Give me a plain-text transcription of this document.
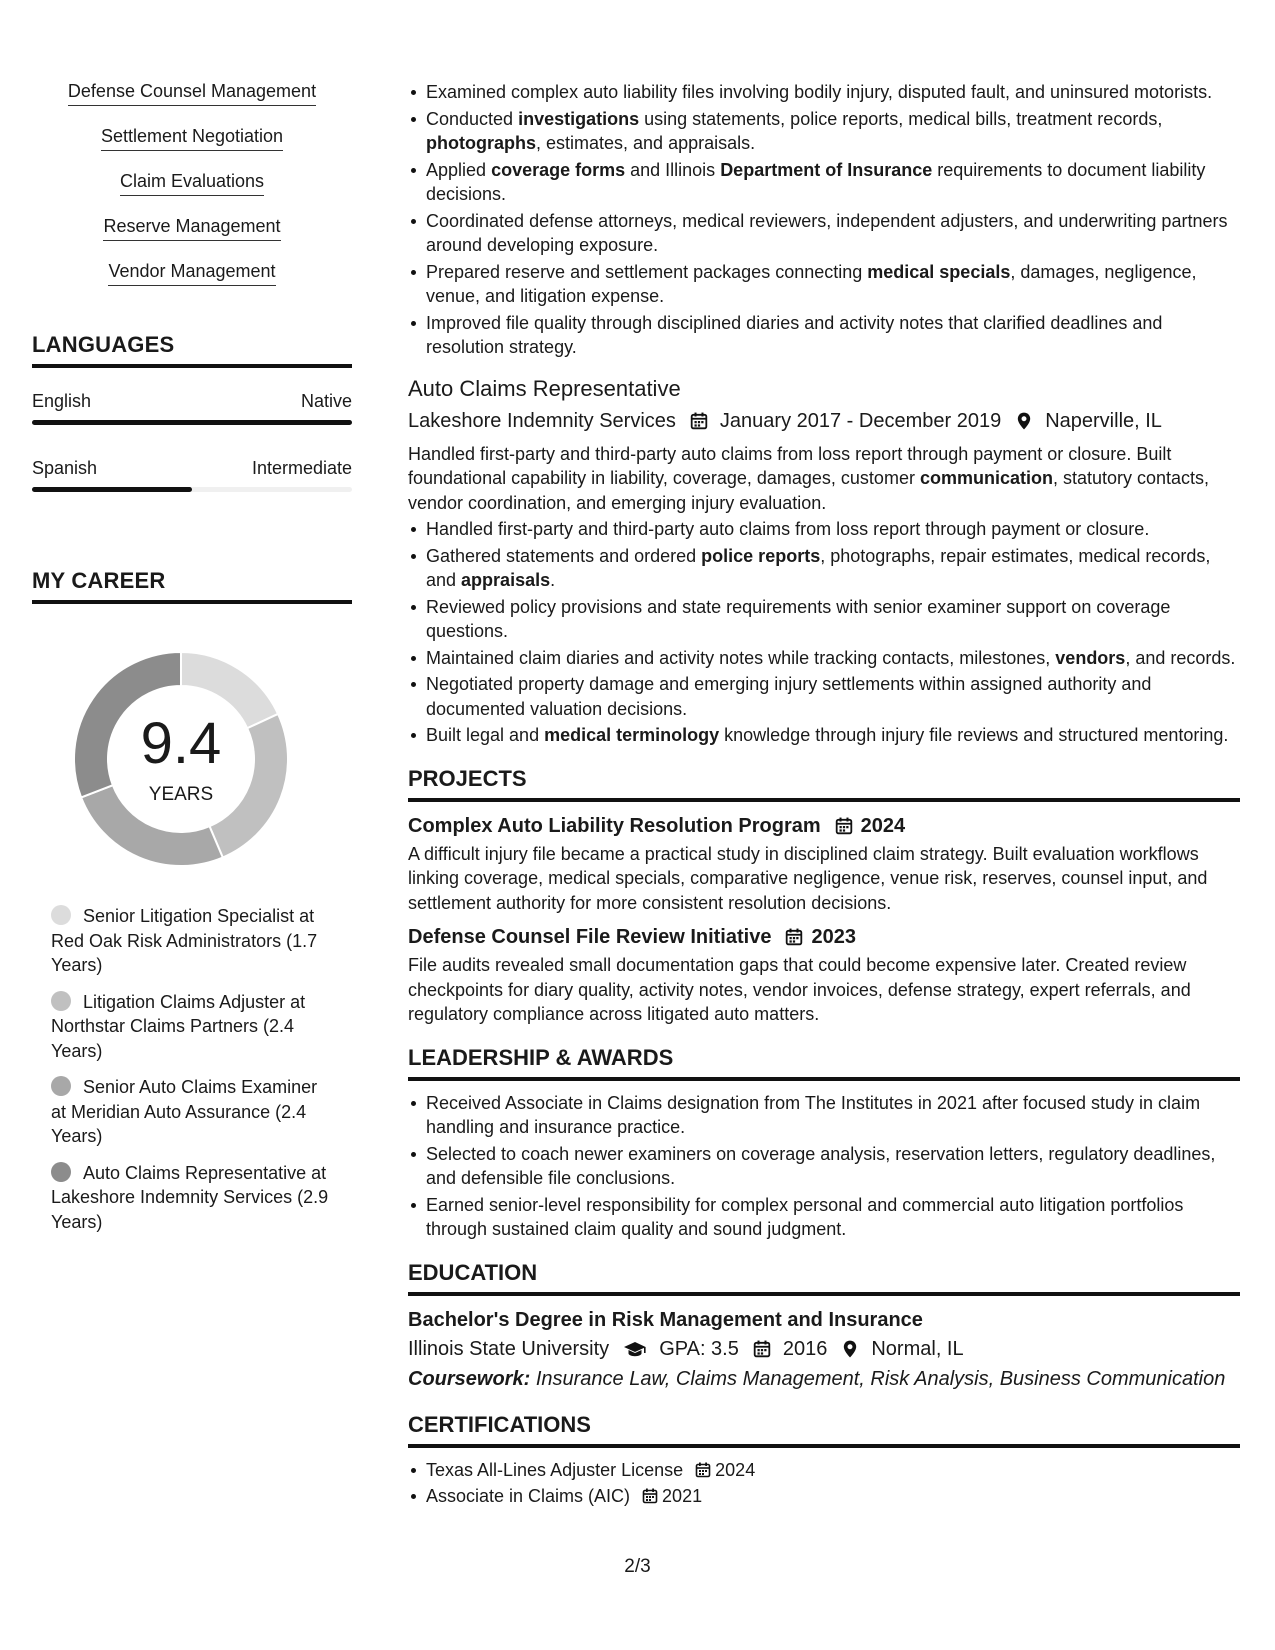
Defense Counsel Management
Settlement Negotiation
Claim Evaluations
Reserve Management
Vendor Management
LANGUAGES
English	Native
Spanish	Intermediate
MY CAREER
9.4
YEARS
Senior Litigation Specialist at Red Oak Risk Administrators (1.7 Years)
Litigation Claims Adjuster at Northstar Claims Partners (2.4 Years)
Senior Auto Claims Examiner at Meridian Auto Assurance (2.4 Years)
Auto Claims Representative at Lakeshore Indemnity Services (2.9 Years)
Examined complex auto liability files involving bodily injury, disputed fault, and uninsured motorists.
Conducted investigations using statements, police reports, medical bills, treatment records, photographs, estimates, and appraisals.
Applied coverage forms and Illinois Department of Insurance requirements to document liability decisions.
Coordinated defense attorneys, medical reviewers, independent adjusters, and underwriting partners around developing exposure.
Prepared reserve and settlement packages connecting medical specials, damages, negligence, venue, and litigation expense.
Improved file quality through disciplined diaries and activity notes that clarified deadlines and resolution strategy.
Auto Claims Representative
Lakeshore Indemnity Services January 2017 - December 2019 Naperville, IL

Handled first-party and third-party auto claims from loss report through payment or closure. Built foundational capability in liability, coverage, damages, customer communication, statutory contacts, vendor coordination, and emerging injury evaluation.

Handled first-party and third-party auto claims from loss report through payment or closure.
Gathered statements and ordered police reports, photographs, repair estimates, medical records, and appraisals.
Reviewed policy provisions and state requirements with senior examiner support on coverage questions.
Maintained claim diaries and activity notes while tracking contacts, milestones, vendors, and records.
Negotiated property damage and emerging injury settlements within assigned authority and documented valuation decisions.
Built legal and medical terminology knowledge through injury file reviews and structured mentoring.
PROJECTS
Complex Auto Liability Resolution Program 2024

A difficult injury file became a practical study in disciplined claim strategy. Built evaluation workflows linking coverage, medical specials, comparative negligence, venue risk, reserves, counsel input, and settlement authority for more consistent resolution decisions.

Defense Counsel File Review Initiative 2023

File audits revealed small documentation gaps that could become expensive later. Created review checkpoints for diary quality, activity notes, vendor invoices, defense strategy, expert referrals, and regulatory compliance across litigated auto matters.

LEADERSHIP & AWARDS
Received Associate in Claims designation from The Institutes in 2021 after focused study in claim handling and insurance practice.
Selected to coach newer examiners on coverage analysis, reservation letters, regulatory deadlines, and defensible file conclusions.
Earned senior-level responsibility for complex personal and commercial auto litigation portfolios through sustained claim quality and sound judgment.
EDUCATION
Bachelor's Degree in Risk Management and Insurance
Illinois State University	GPA: 3.5 2016 Normal, IL
Coursework: Insurance Law, Claims Management, Risk Analysis, Business Communication
CERTIFICATIONS
Texas All-Lines Adjuster License 2024
Associate in Claims (AIC) 2021
2/3
